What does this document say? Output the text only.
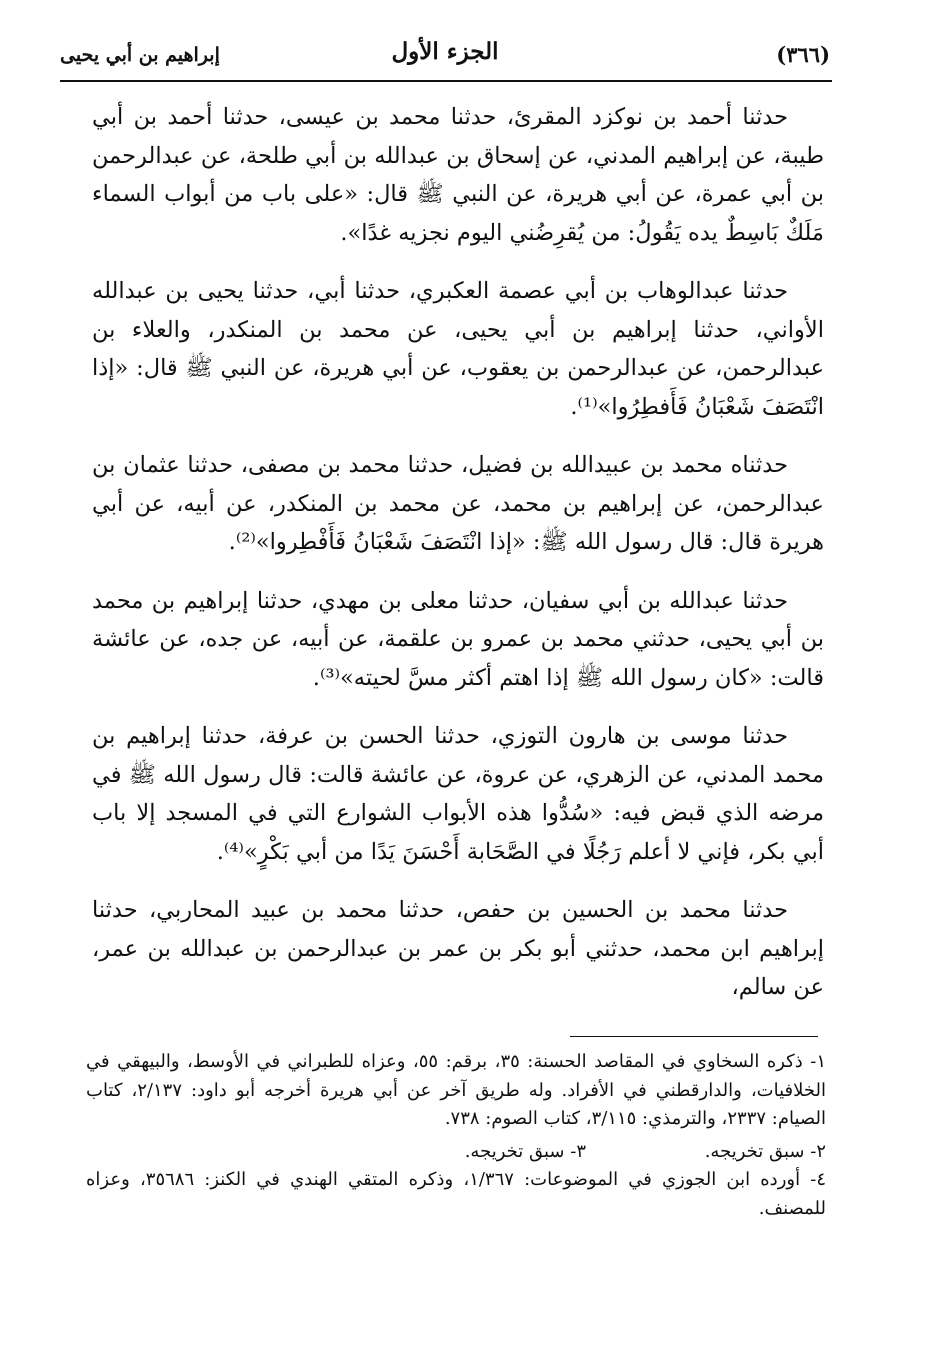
(٣٦٦)
الجزء الأول
إبراهيم بن أبي يحيى

حدثنا أحمد بن نوكزد المقرئ، حدثنا محمد بن عيسى، حدثنا أحمد بن أبي طيبة، عن إبراهيم المدني، عن إسحاق بن عبدالله بن أبي طلحة، عن عبدالرحمن بن أبي عمرة، عن أبي هريرة، عن النبي ﷺ قال: «على باب من أبواب السماء مَلَكٌ بَاسِطٌ يده يَقُولُ: من يُقرِضُني اليوم نجزيه غدًا».

حدثنا عبدالوهاب بن أبي عصمة العكبري، حدثنا أبي، حدثنا يحيى بن عبدالله الأواني، حدثنا إبراهيم بن أبي يحيى، عن محمد بن المنكدر، والعلاء بن عبدالرحمن، عن عبدالرحمن بن يعقوب، عن أبي هريرة، عن النبي ﷺ قال: «إذا انْتَصَفَ شَعْبَانُ فَأَفطِرُوا»⁽¹⁾.

حدثناه محمد بن عبيدالله بن فضيل، حدثنا محمد بن مصفى، حدثنا عثمان بن عبدالرحمن، عن إبراهيم بن محمد، عن محمد بن المنكدر، عن أبيه، عن أبي هريرة قال: قال رسول الله ﷺ: «إذا انْتَصَفَ شَعْبَانُ فَأَفْطِروا»⁽²⁾.

حدثنا عبدالله بن أبي سفيان، حدثنا معلى بن مهدي، حدثنا إبراهيم بن محمد بن أبي يحيى، حدثني محمد بن عمرو بن علقمة، عن أبيه، عن جده، عن عائشة قالت: «كان رسول الله ﷺ إذا اهتم أكثر مسَّ لحيته»⁽³⁾.

حدثنا موسى بن هارون التوزي، حدثنا الحسن بن عرفة، حدثنا إبراهيم بن محمد المدني، عن الزهري، عن عروة، عن عائشة قالت: قال رسول الله ﷺ في مرضه الذي قبض فيه: «سُدُّوا هذه الأبواب الشوارع التي في المسجد إلا باب أبي بكر، فإني لا أعلم رَجُلًا في الصَّحَابة أَحْسَنَ يَدًا من أبي بَكْرٍ»⁽⁴⁾.

حدثنا محمد بن الحسين بن حفص، حدثنا محمد بن عبيد المحاربي، حدثنا إبراهيم ابن محمد، حدثني أبو بكر بن عمر بن عبدالرحمن بن عبدالله بن عمر، عن سالم،

١- ذكره السخاوي في المقاصد الحسنة: ٣٥، برقم: ٥٥، وعزاه للطبراني في الأوسط، والبيهقي في الخلافيات، والدارقطني في الأفراد. وله طريق آخر عن أبي هريرة أخرجه أبو داود: ٢/١٣٧، كتاب الصيام: ٢٣٣٧، والترمذي: ٣/١١٥، كتاب الصوم: ٧٣٨.

٢- سبق تخريجه.
٣- سبق تخريجه.

٤- أورده ابن الجوزي في الموضوعات: ١/٣٦٧، وذكره المتقي الهندي في الكنز: ٣٥٦٨٦، وعزاه للمصنف.
